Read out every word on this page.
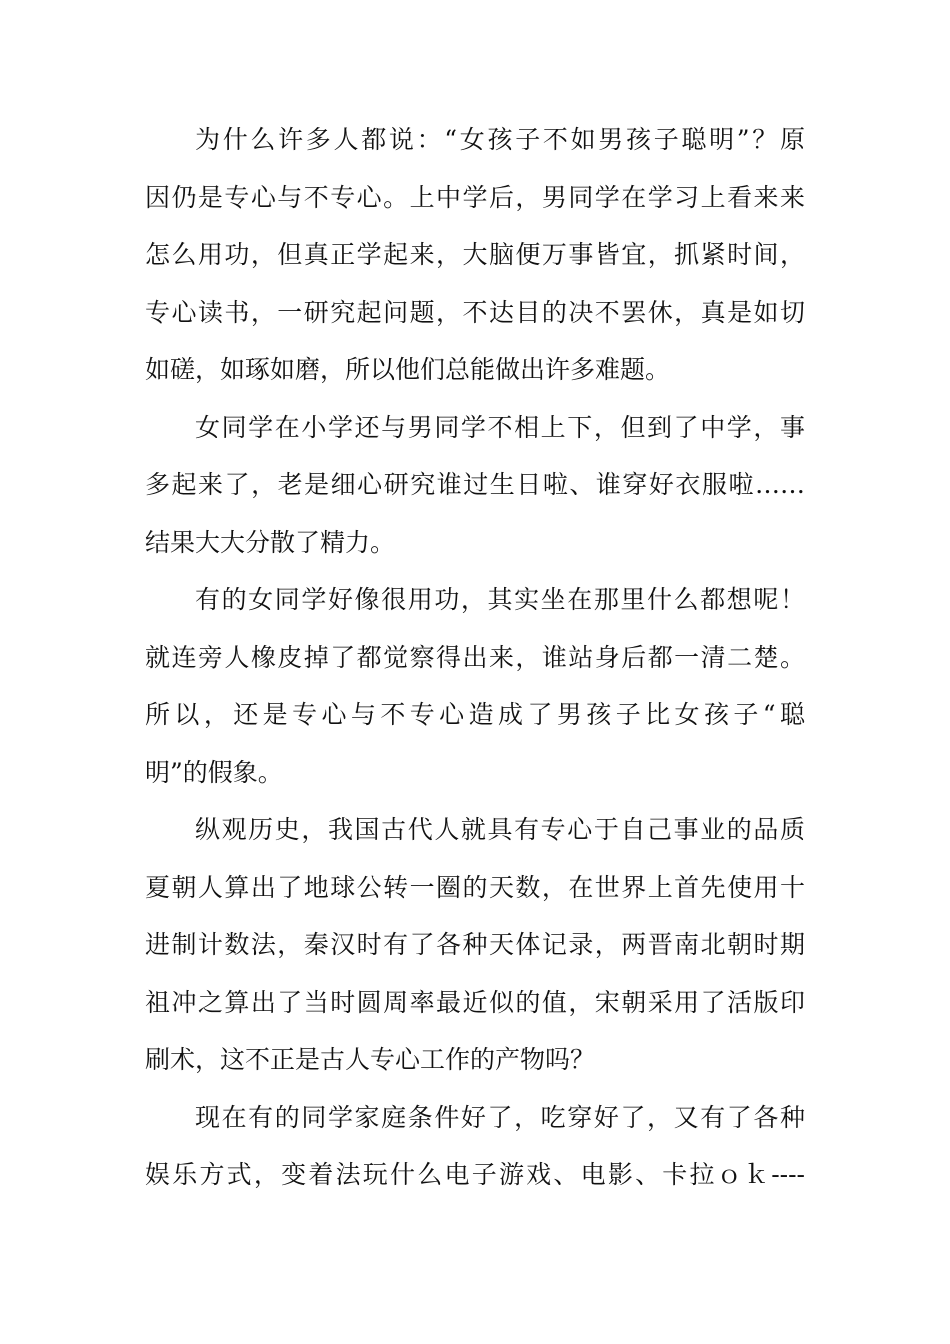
为什么许多人都说：“女孩子不如男孩子聪明”？原
因仍是专心与不专心。上中学后，男同学在学习上看来来
怎么用功，但真正学起来，大脑便万事皆宜，抓紧时间，
专心读书，一研究起问题，不达目的决不罢休，真是如切
如磋，如琢如磨，所以他们总能做出许多难题。
女同学在小学还与男同学不相上下，但到了中学，事
多起来了，老是细心研究谁过生日啦、谁穿好衣服啦……
结果大大分散了精力。
有的女同学好像很用功，其实坐在那里什么都想呢！
就连旁人橡皮掉了都觉察得出来，谁站身后都一清二楚。
所以，还是专心与不专心造成了男孩子比女孩子“聪
明”的假象。
纵观历史，我国古代人就具有专心于自己事业的品质
夏朝人算出了地球公转一圈的天数，在世界上首先使用十
进制计数法，秦汉时有了各种天体记录，两晋南北朝时期
祖冲之算出了当时圆周率最近似的值，宋朝采用了活版印
刷术，这不正是古人专心工作的产物吗？
现在有的同学家庭条件好了，吃穿好了，又有了各种
娱乐方式，变着法玩什么电子游戏、电影、卡拉ｏｋ----
